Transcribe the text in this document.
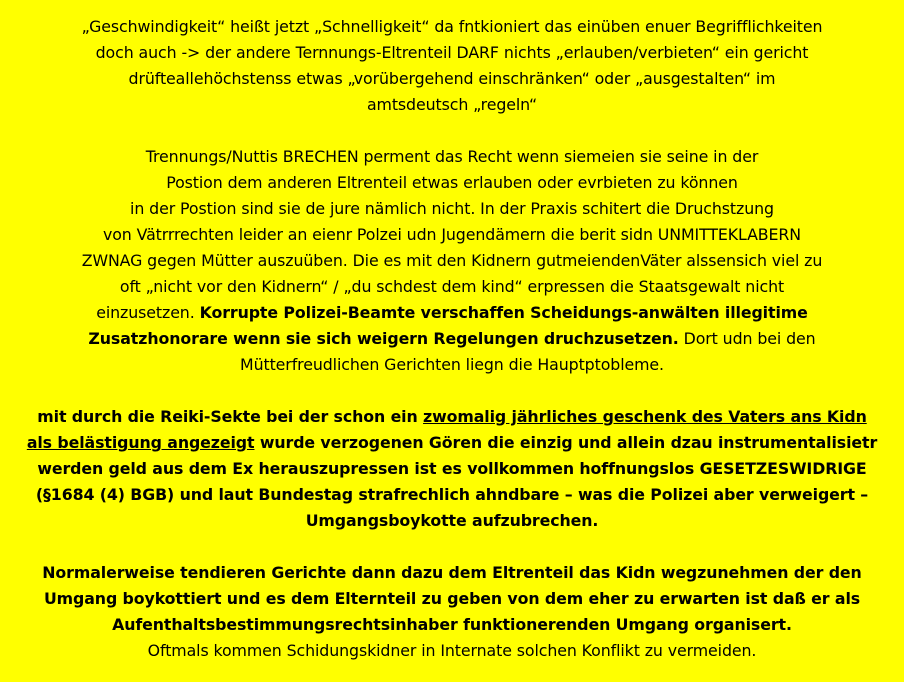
„Geschwindigkeit“ heißt jetzt „Schnelligkeit“ da fntkioniert das einüben enuer Begrifflichkeiten
doch auch -> der andere Ternnungs-Eltrenteil DARF nichts „erlauben/verbieten“ ein gericht
drüfteallehöchstenss etwas „vorübergehend einschränken“ oder „ausgestalten“ im
amtsdeutsch „regeln“
Trennungs/Nuttis BRECHEN perment das Recht wenn siemeien sie seine in der
Postion dem anderen Eltrenteil etwas erlauben oder evrbieten zu können
in der Postion sind sie de jure nämlich nicht. In der Praxis schitert die Druchstzung
von Vätrrrechten leider an eienr Polzei udn Jugendämern die berit sidn UNMITTEKLABERN
ZWNAG gegen Mütter auszuüben. Die es mit den Kidnern gutmeiendenVäter alssensich viel zu
oft „nicht vor den Kidnern“ / „du schdest dem kind“ erpressen die Staatsgewalt nicht
einzusetzen. Korrupte Polizei-Beamte verschaffen Scheidungs-anwälten illegitime
Zusatzhonorare wenn sie sich weigern Regelungen druchzusetzen. Dort udn bei den
Mütterfreudlichen Gerichten liegn die Hauptptobleme.
mit durch die Reiki-Sekte bei der schon ein zwomalig jährliches geschenk des Vaters ans Kidn
als belästigung angezeigt wurde verzogenen Gören die einzig und allein dzau instrumentalisietr
werden geld aus dem Ex herauszupressen ist es vollkommen hoffnungslos GESETZESWIDRIGE
(§1684 (4) BGB) und laut Bundestag strafrechlich ahndbare – was die Polizei aber verweigert –
Umgangsboykotte aufzubrechen.
Normalerweise tendieren Gerichte dann dazu dem Eltrenteil das Kidn wegzunehmen der den
Umgang boykottiert und es dem Elternteil zu geben von dem eher zu erwarten ist daß er als
Aufenthaltsbestimmungsrechtsinhaber funktionerenden Umgang organisert.
Oftmals kommen Schidungskidner in Internate solchen Konflikt zu vermeiden.
